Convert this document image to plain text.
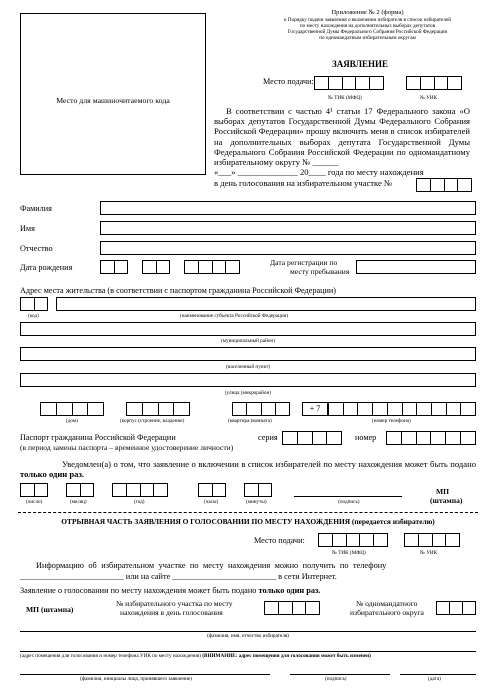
Приложение № 2 (форма)
к Порядку подачи заявления о включении избирателя в список избирателей
по месту нахождения на дополнительных выборах депутатов
Государственной Думы Федерального Собрания Российской Федерации
по одномандатным избирательным округам
Место для машиночитаемого кода
ЗАЯВЛЕНИЕ
Место подачи:
№ ТИК (МФЦ)	№ УИК
В соответствии с частью 4¹ статьи 17 Федерального закона «О выборах депутатов Государственной Думы Федерального Собрания Российской Федерации» прошу включить меня в список избирателей на дополнительных выборах депутата Государственной Думы Федерального Собрания Российской Федерации по одномандатному избирательному округу № ______
«___» ______________ 20____ года по месту нахождения
в день голосования на избирательном участке №
Фамилия
Имя
Отчество
Дата рождения
Дата регистрации по
месту пребывания
Адрес места жительства (в соответствии с паспортом гражданина Российской Федерации)
(код)	(наименование субъекта Российской Федерации)
(муниципальный район)
(населенный пункт)
(улица (микрорайон)
+ 7
(дом)	(корпус (строение, владение)	(квартира (комната)	(номер телефона)
Паспорт гражданина Российской Федерации
(в период замены паспорта – временное удостоверение личности)
серия	номер
Уведомлен(а) о том, что заявление о включении в список избирателей по месту нахождения может быть подано только один раз.
(число)	(месяц)	(год)	(часы)	(минуты)	(подпись)
МП
(штампа)
ОТРЫВНАЯ ЧАСТЬ ЗАЯВЛЕНИЯ О ГОЛОСОВАНИИ ПО МЕСТУ НАХОЖДЕНИЯ (передается избирателю)
Место подачи:
№ ТИК (МФЦ)	№ УИК
Информацию об избирательном участке по месту нахождения можно получить по телефону
_________________________ или на сайте _________________________ в сети Интернет.
Заявление о голосовании по месту нахождения может быть подано только один раз.
МП (штампа)
№ избирательного участка по месту
нахождения в день голосования
№ одномандатного
избирательного округа
(фамилия, имя, отчество избирателя)
(адрес помещения для голосования и номер телефона УИК по месту нахождения) (ВНИМАНИЕ: адрес помещения для голосования может быть изменен)
(фамилия, инициалы лица, принявшего заявление)	(подпись)	(дата)
